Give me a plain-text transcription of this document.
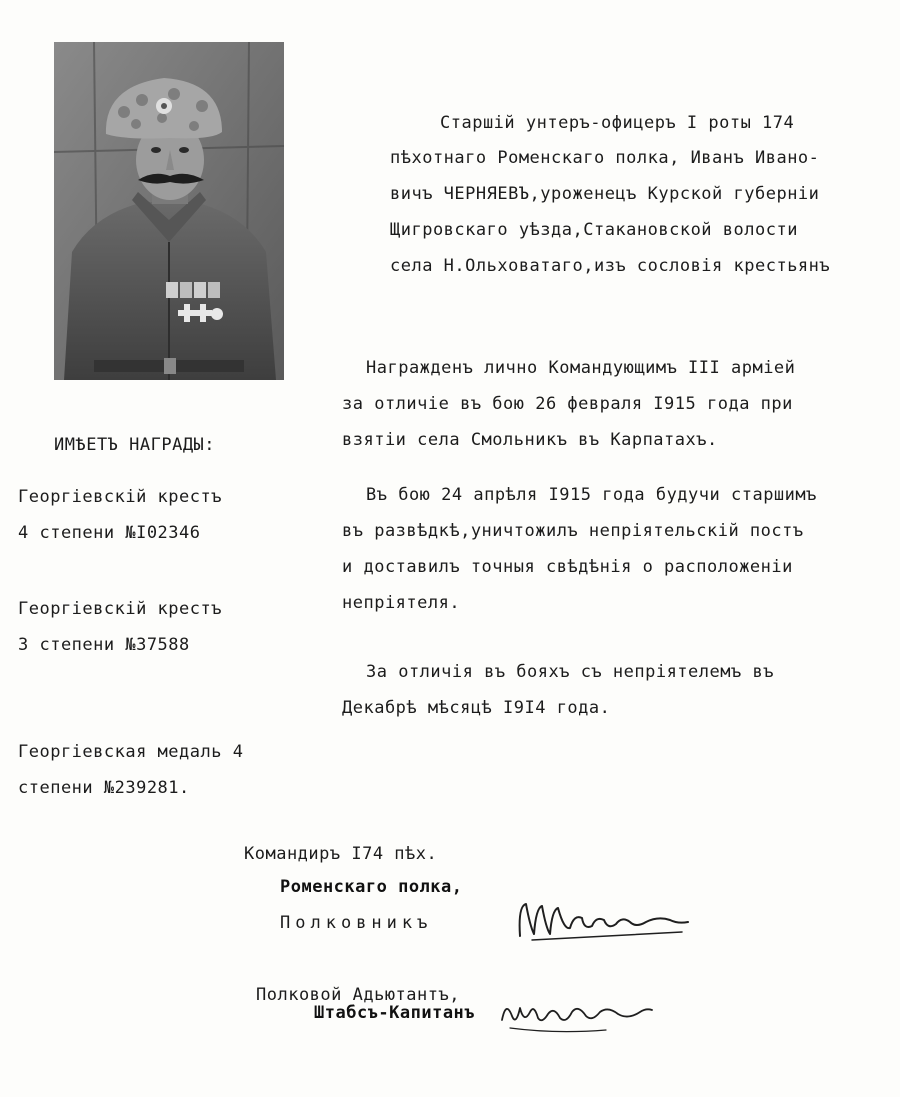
Старшiй унтеръ-офицеръ I роты 174
пѣхотнаго Роменскаго полка, Иванъ Ивано-
вичъ ЧЕРНЯЕВЪ,уроженецъ Курской губернiи
Щигровскаго уѣзда,Стакановской волости
села Н.Ольховатаго,изъ сословiя крестьянъ
ИМѢЕТЪ НАГРАДЫ:
Георгiевскiй крестъ
4 степени №I02346
Георгiевскiй крестъ
3 степени №37588
Георгiевская медаль 4
степени №239281.
Награжденъ лично Командующимъ III армiей
за отличiе въ бою 26 февраля I915 года при
взятiи села Смольникъ въ Карпатахъ.
Въ бою 24 апрѣля I915 года будучи старшимъ
въ развѣдкѣ,уничтожилъ непрiятельскiй постъ
и доставилъ точныя свѣдѣнiя о расположенiи
непрiятеля.
За отличiя въ бояхъ съ непрiятелемъ въ
Декабрѣ мѣсяцѣ I9I4 года.
Командиръ I74 пѣх.
Роменскаго полка,
Полковникъ
Полковой Адьютантъ,
Штабсъ-Капитанъ
